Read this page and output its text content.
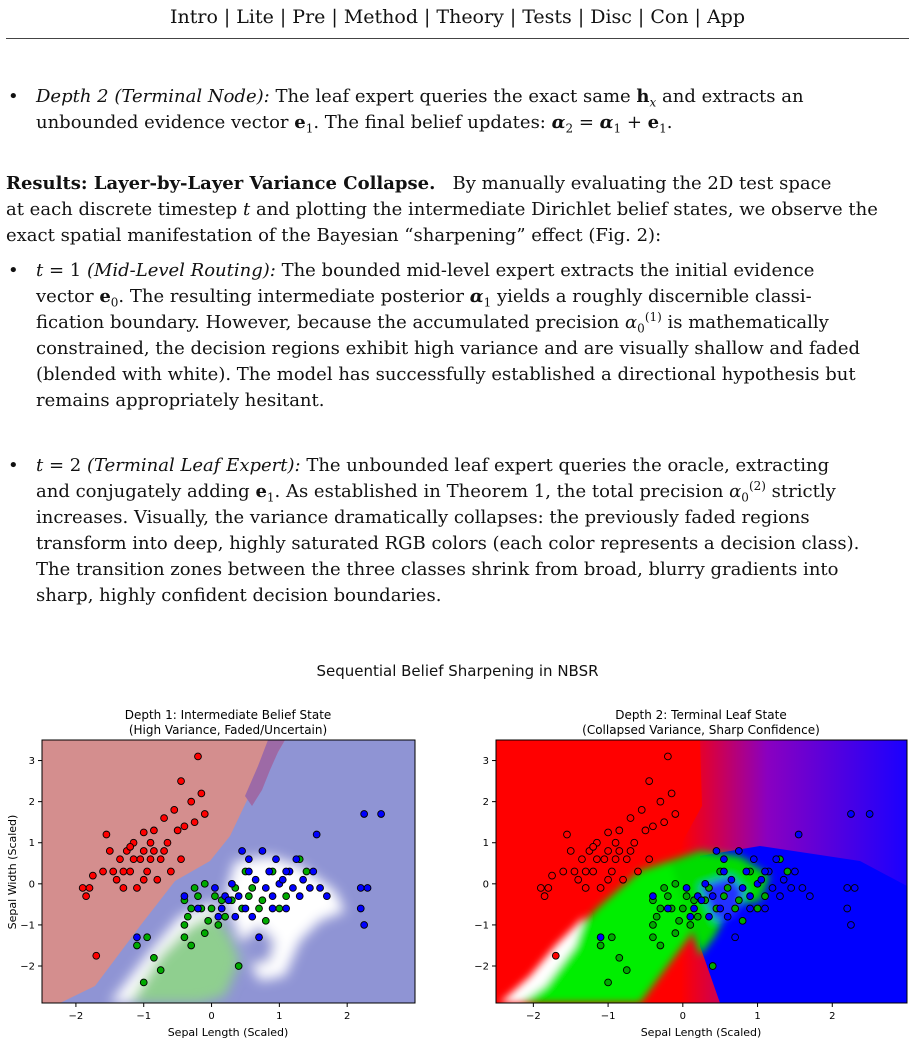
Intro | Lite | Pre | Method | Theory | Tests | Disc | Con | App
• Depth 2 (Terminal Node): The leaf expert queries the exact same $h_x$ and extracts an
unbounded evidence vector $e_1$. The final belief updates: $\alpha_2 = \alpha_1 + e_1$.
Results: Layer-by-Layer Variance Collapse. By manually evaluating the 2D test space
at each discrete timestep t and plotting the intermediate Dirichlet belief states, we observe the
exact spatial manifestation of the Bayesian “sharpening” effect (Fig. 2):
• t = 1 (Mid-Level Routing): The bounded mid-level expert extracts the initial evidence
vector $e_0$. The resulting intermediate posterior $\alpha_1$ yields a roughly discernible classi-
fication boundary. However, because the accumulated precision $\alpha_0^{(1)}$ is mathematically
constrained, the decision regions exhibit high variance and are visually shallow and faded
(blended with white). The model has successfully established a directional hypothesis but
remains appropriately hesitant.
• t = 2 (Terminal Leaf Expert): The unbounded leaf expert queries the oracle, extracting
and conjugately adding $e_1$. As established in Theorem 1, the total precision $\alpha_0^{(2)}$ strictly
increases. Visually, the variance dramatically collapses: the previously faded regions
transform into deep, highly saturated RGB colors (each color represents a decision class).
The transition zones between the three classes shrink from broad, blurry gradients into
sharp, highly confident decision boundaries.
Sequential Belief Sharpening in NBSR
Depth 1: Intermediate Belief State
(High Variance, Faded/Uncertain)
−2	−1	0	1	2
−2
−1
0
1
2
3
Sepal Length (Scaled)
Sepal Width (Scaled)
Depth 2: Terminal Leaf State
(Collapsed Variance, Sharp Confidence)
−2	−1	0	1	2
−2
−1
0
1
2
3
Sepal Length (Scaled)
